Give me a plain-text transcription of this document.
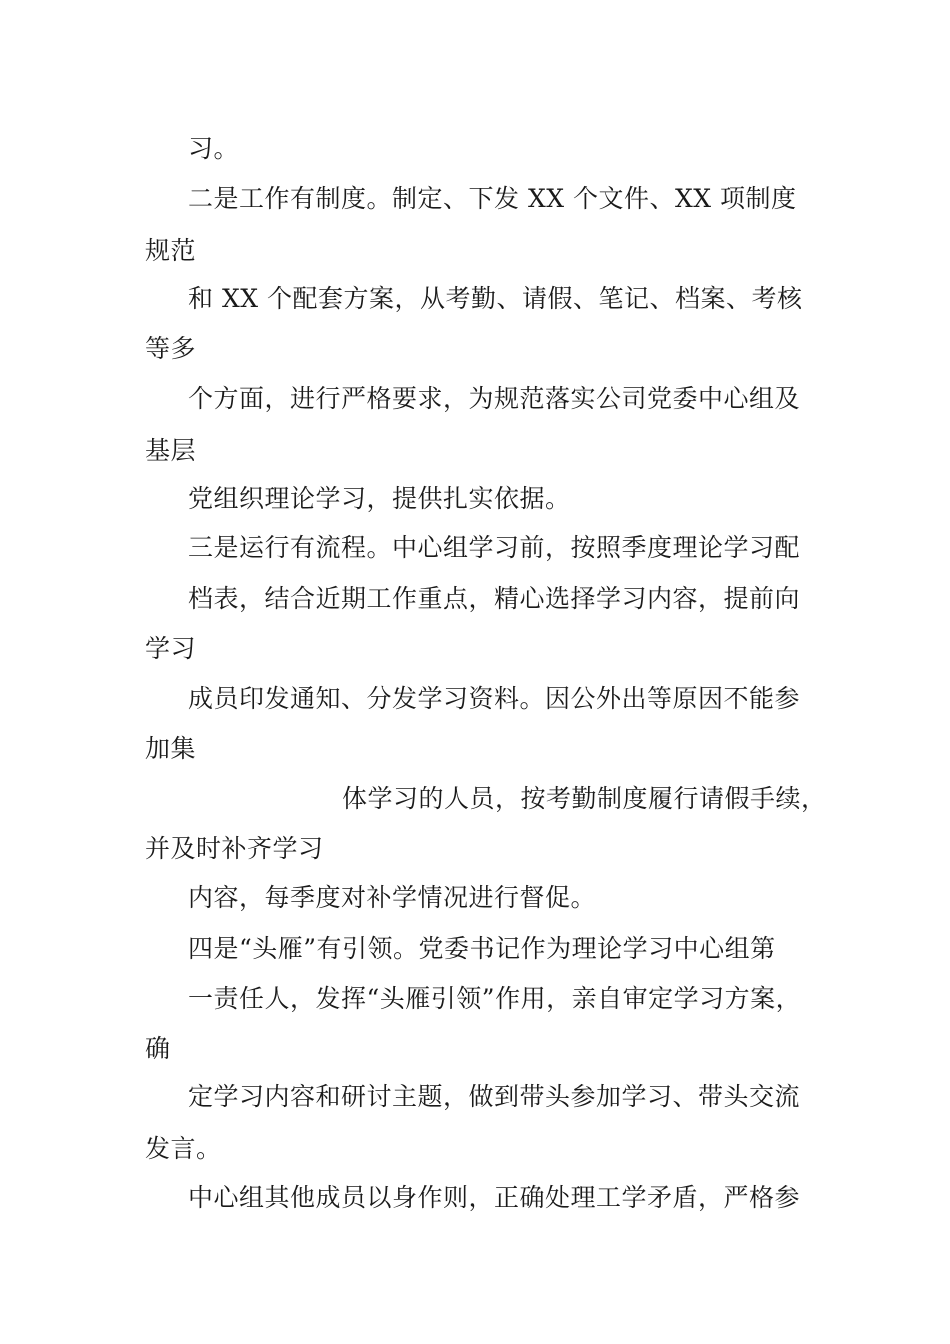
习。

二是工作有制度。制定、下发 XX 个文件、XX 项制度

规范

和 XX 个配套方案，从考勤、请假、笔记、档案、考核

等多

个方面，进行严格要求，为规范落实公司党委中心组及

基层

党组织理论学习，提供扎实依据。

三是运行有流程。中心组学习前，按照季度理论学习配

档表，结合近期工作重点，精心选择学习内容，提前向

学习

成员印发通知、分发学习资料。因公外出等原因不能参

加集

体学习的人员，按考勤制度履行请假手续，

并及时补齐学习

内容，每季度对补学情况进行督促。

四是“头雁”有引领。党委书记作为理论学习中心组第

一责任人，发挥“头雁引领”作用，亲自审定学习方案，

确

定学习内容和研讨主题，做到带头参加学习、带头交流

发言。

中心组其他成员以身作则，正确处理工学矛盾，严格参
